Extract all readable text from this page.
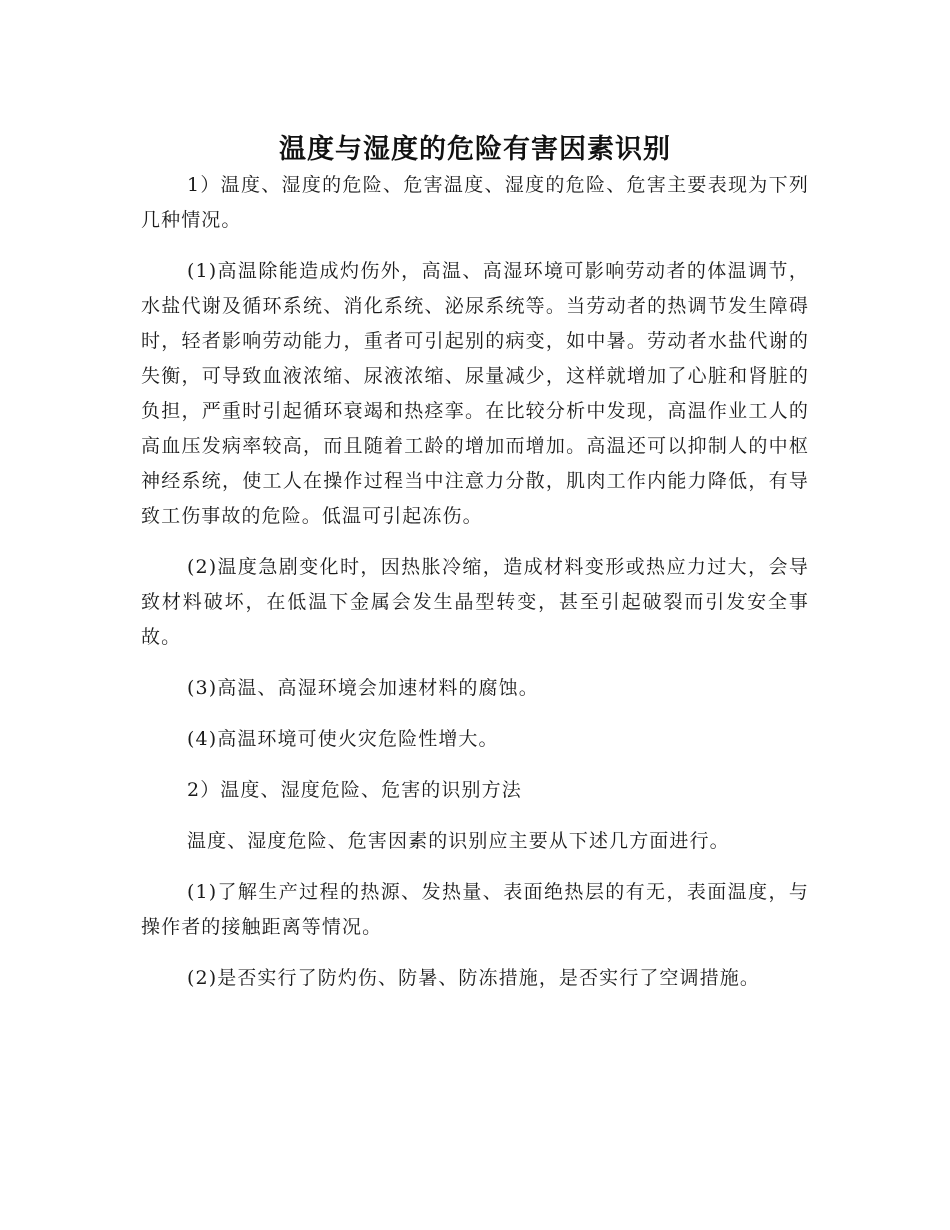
温度与湿度的危险有害因素识别

1）温度、湿度的危险、危害温度、湿度的危险、危害主要表现为下列几种情况。

(1)高温除能造成灼伤外，高温、高湿环境可影响劳动者的体温调节，水盐代谢及循环系统、消化系统、泌尿系统等。当劳动者的热调节发生障碍时，轻者影响劳动能力，重者可引起别的病变，如中暑。劳动者水盐代谢的失衡，可导致血液浓缩、尿液浓缩、尿量减少，这样就增加了心脏和肾脏的负担，严重时引起循环衰竭和热痉挛。在比较分析中发现，高温作业工人的高血压发病率较高，而且随着工龄的增加而增加。高温还可以抑制人的中枢神经系统，使工人在操作过程当中注意力分散，肌肉工作内能力降低，有导致工伤事故的危险。低温可引起冻伤。

(2)温度急剧变化时，因热胀冷缩，造成材料变形或热应力过大，会导致材料破坏，在低温下金属会发生晶型转变，甚至引起破裂而引发安全事故。

(3)高温、高湿环境会加速材料的腐蚀。

(4)高温环境可使火灾危险性增大。

2）温度、湿度危险、危害的识别方法

温度、湿度危险、危害因素的识别应主要从下述几方面进行。

(1)了解生产过程的热源、发热量、表面绝热层的有无，表面温度，与操作者的接触距离等情况。

(2)是否实行了防灼伤、防暑、防冻措施，是否实行了空调措施。
